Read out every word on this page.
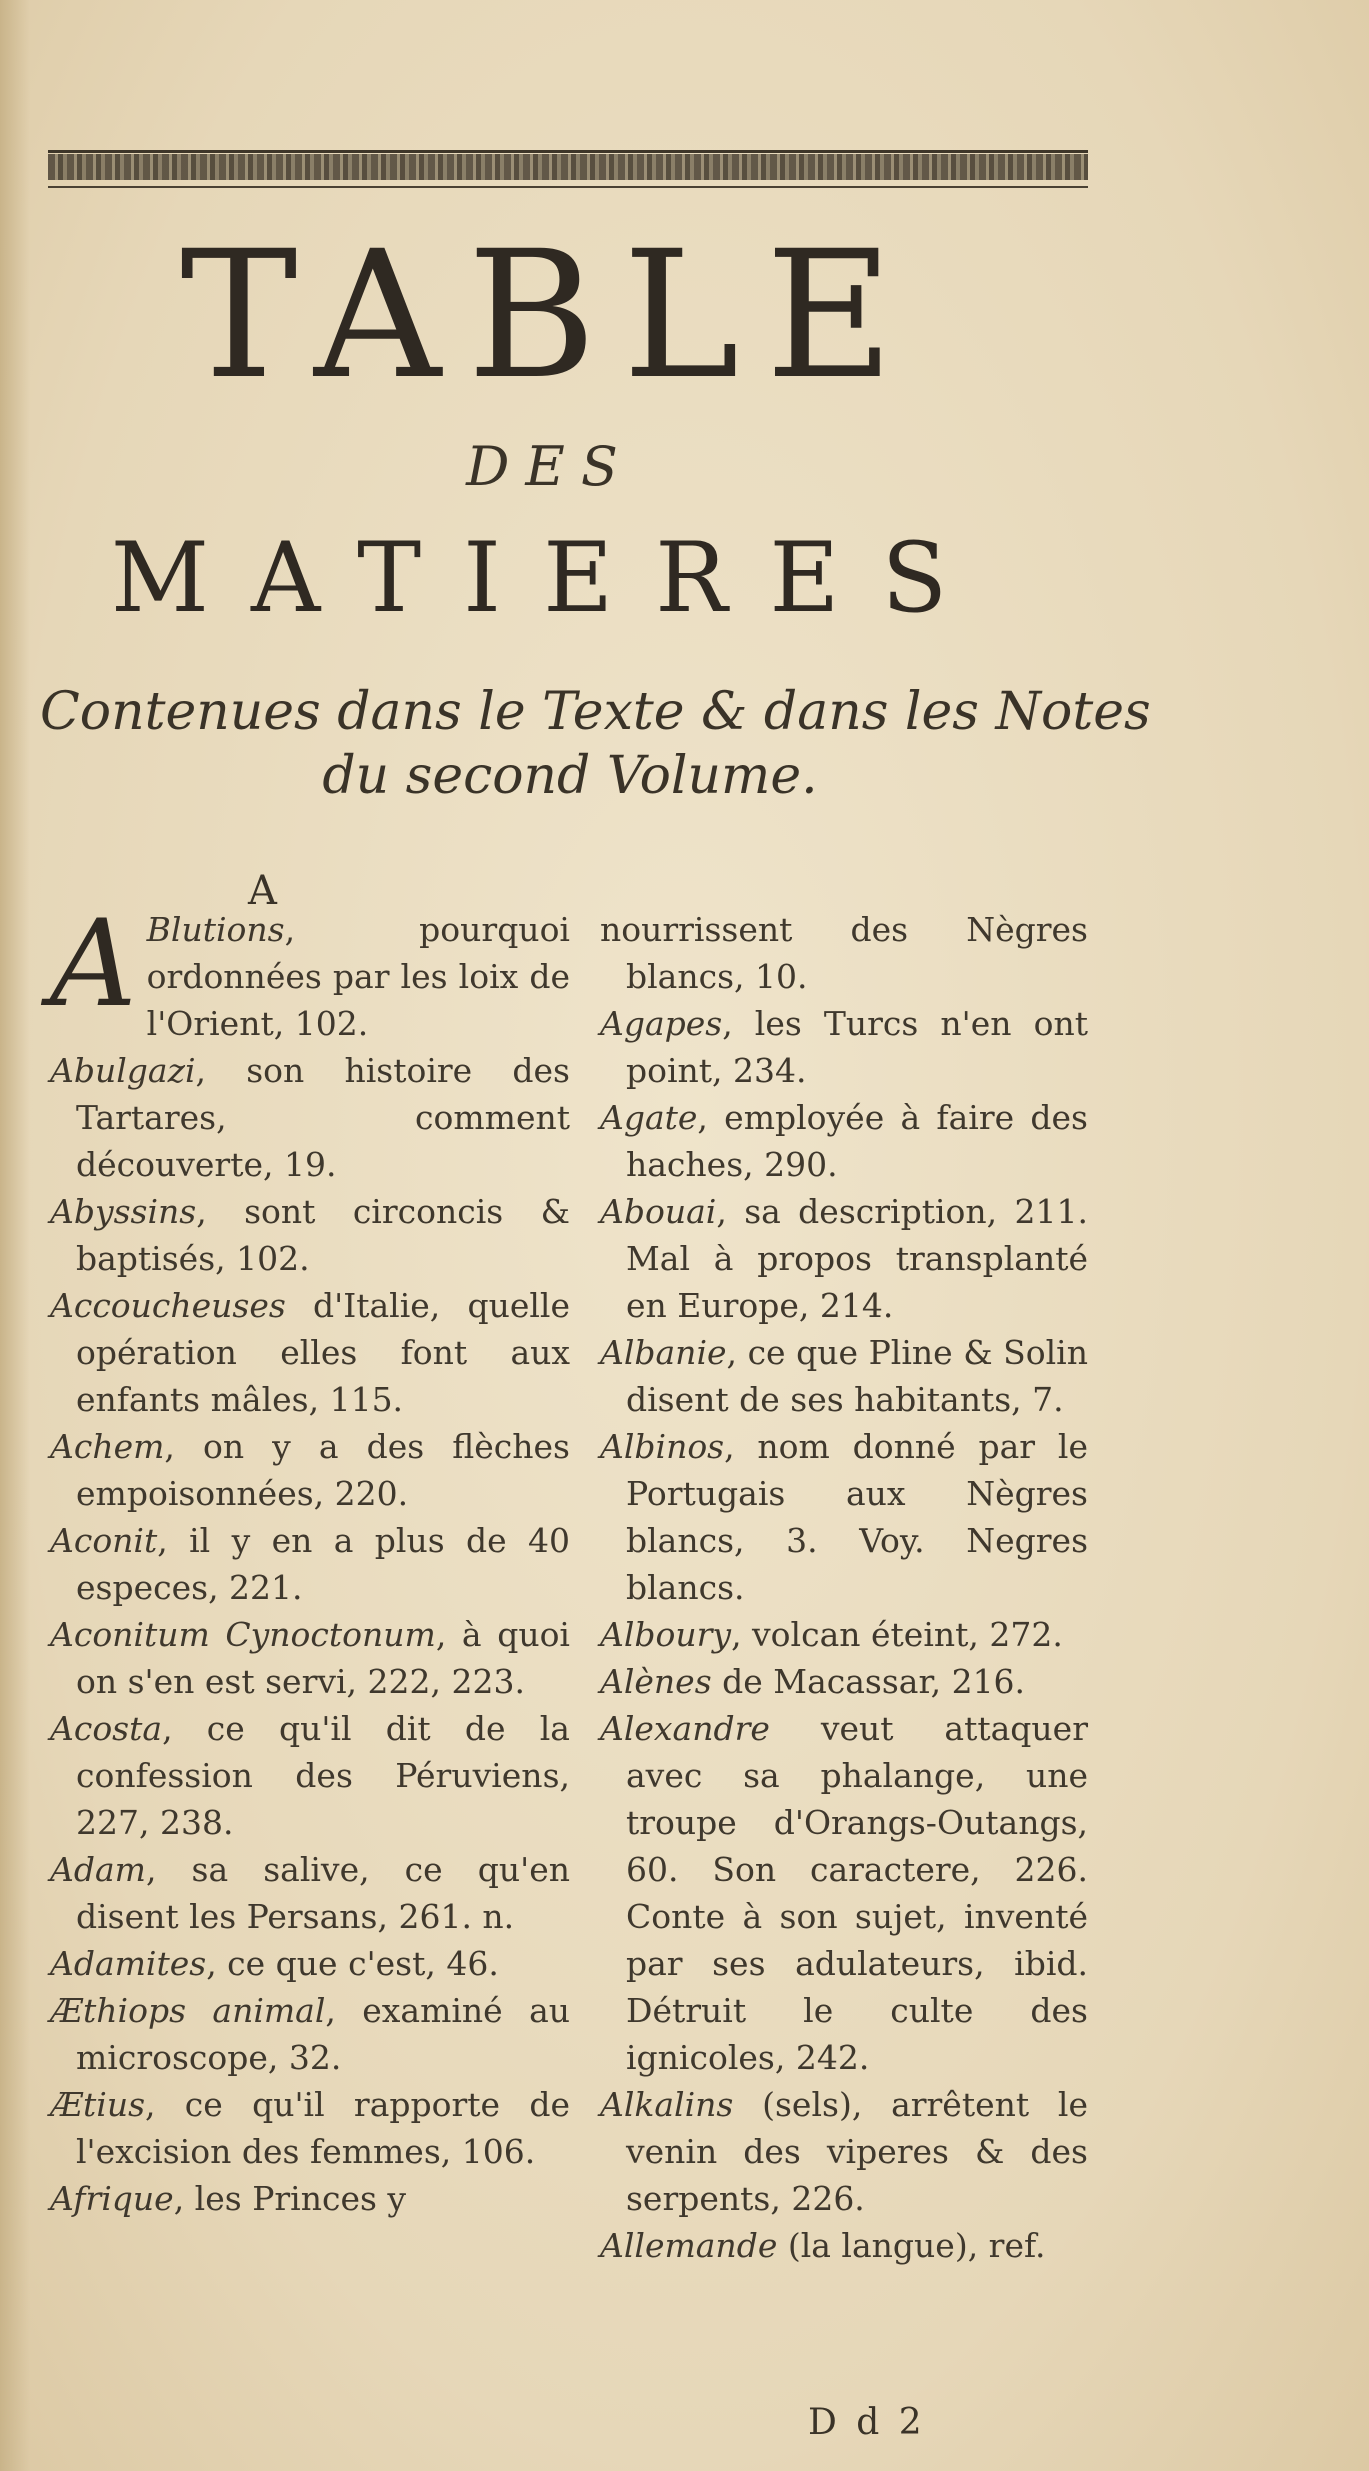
TABLE
DES
MATIERES
Contenues dans le Texte & dans les Notes
du second Volume.
A
A Blutions, pourquoi ordonnées par les loix de l'Orient, 102.
Abulgazi, son histoire des Tartares, comment découverte, 19.
Abyssins, sont circoncis & baptisés, 102.
Accoucheuses d'Italie, quelle opération elles font aux enfants mâles, 115.
Achem, on y a des flèches empoisonnées, 220.
Aconit, il y en a plus de 40 especes, 221.
Aconitum Cynoctonum, à quoi on s'en est servi, 222, 223.
Acosta, ce qu'il dit de la confession des Péruviens, 227, 238.
Adam, sa salive, ce qu'en disent les Persans, 261. n.
Adamites, ce que c'est, 46.
Æthiops animal, examiné au microscope, 32.
Ætius, ce qu'il rapporte de l'excision des femmes, 106.
Afrique, les Princes y
nourrissent des Nègres blancs, 10.
Agapes, les Turcs n'en ont point, 234.
Agate, employée à faire des haches, 290.
Abouai, sa description, 211. Mal à propos transplanté en Europe, 214.
Albanie, ce que Pline & Solin disent de ses habitants, 7.
Albinos, nom donné par le Portugais aux Nègres blancs, 3. Voy. Negres blancs.
Alboury, volcan éteint, 272.
Alènes de Macassar, 216.
Alexandre veut attaquer avec sa phalange, une troupe d'Orangs-Outangs, 60. Son caractere, 226. Conte à son sujet, inventé par ses adulateurs, ibid. Détruit le culte des ignicoles, 242.
Alkalins (sels), arrêtent le venin des viperes & des serpents, 226.
Allemande (la langue), ref.
D d 2
